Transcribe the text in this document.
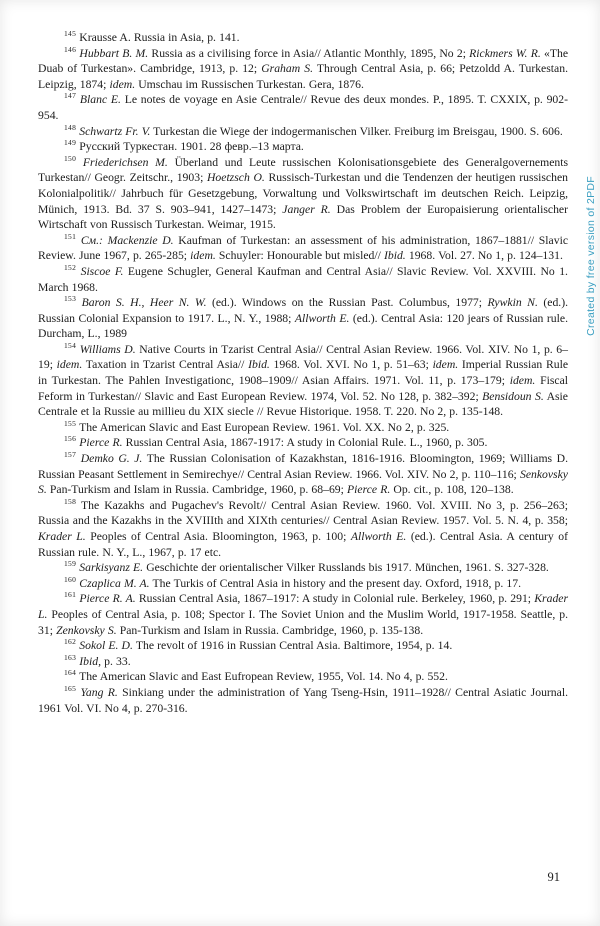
$^{145}$ Krausse A. Russia in Asia, p. 141.

$^{146}$ Hubbart B. M. Russia as a civilising force in Asia// Atlantic Monthly, 1895, No 2; Rickmers W. R. «The Duab of Turkestan». Cambridge, 1913, p. 12; Graham S. Through Central Asia, p. 66; Petzoldd A. Turkestan. Leipzig, 1874; idem. Umschau im Russischen Turkestan. Gera, 1876.

$^{147}$ Blanc E. Le notes de voyage en Asie Centrale// Revue des deux mondes. P., 1895. T. CXXIX, p. 902-954.

$^{148}$ Schwartz Fr. V. Turkestan die Wiege der indogermanischen Vilker. Freiburg im Breisgau, 1900. S. 606.

$^{149}$ Русский Туркестан. 1901. 28 февр.–13 марта.

$^{150}$ Friederichsen M. Überland und Leute russischen Kolonisationsgebiete des Generalgovernements Turkestan// Geogr. Zeitschr., 1903; Hoetzsch O. Russisch-Turkestan und die Tendenzen der heutigen russischen Kolonialpolitik// Jahrbuch für Gesetzgebung, Vorwaltung und Volkswirtschaft im deutschen Reich. Leipzig, Münich, 1913. Bd. 37 S. 903–941, 1427–1473; Janger R. Das Problem der Europaisierung orientalischer Wirtschaft von Russisch Turkestan. Weimar, 1915.

$^{151}$ См.: Mackenzie D. Kaufman of Turkestan: an assessment of his administration, 1867–1881// Slavic Review. June 1967, p. 265-285; idem. Schuyler: Honourable but misled// Ibid. 1968. Vol. 27. No 1, p. 124–131.

$^{152}$ Siscoe F. Eugene Schugler, General Kaufman and Central Asia// Slavic Review. Vol. XXVIII. No 1. March 1968.

$^{153}$ Baron S. H., Heer N. W. (ed.). Windows on the Russian Past. Columbus, 1977; Rywkin N. (ed.). Russian Colonial Expansion to 1917. L., N. Y., 1988; Allworth E. (ed.). Central Asia: 120 jears of Russian rule. Durcham, L., 1989

$^{154}$ Williams D. Native Courts in Tzarist Central Asia// Central Asian Review. 1966. Vol. XIV. No 1, p. 6–19; idem. Taxation in Tzarist Central Asia// Ibid. 1968. Vol. XVI. No 1, p. 51–63; idem. Imperial Russian Rule in Turkestan. The Pahlen Investigationc, 1908–1909// Asian Affairs. 1971. Vol. 11, p. 173–179; idem. Fiscal Feform in Turkestan// Slavic and East European Review. 1974, Vol. 52. No 128, p. 382–392; Bensidoun S. Asie Centrale et la Russie au millieu du XIX siecle // Revue Historique. 1958. T. 220. No 2, p. 135-148.

$^{155}$ The American Slavic and East European Review. 1961. Vol. XX. No 2, p. 325.

$^{156}$ Pierce R. Russian Central Asia, 1867-1917: A study in Colonial Rule. L., 1960, p. 305.

$^{157}$ Demko G. J. The Russian Colonisation of Kazakhstan, 1816-1916. Bloomington, 1969; Williams D. Russian Peasant Settlement in Semirechye// Central Asian Review. 1966. Vol. XIV. No 2, p. 110–116; Senkovsky S. Pan-Turkism and Islam in Russia. Cambridge, 1960, p. 68–69; Pierce R. Op. cit., p. 108, 120–138.

$^{158}$ The Kazakhs and Pugachev's Revolt// Central Asian Review. 1960. Vol. XVIII. No 3, p. 256–263; Russia and the Kazakhs in the XVIIIth and XIXth centuries// Central Asian Review. 1957. Vol. 5. N. 4, p. 358; Krader L. Peoples of Central Asia. Bloomington, 1963, p. 100; Allworth E. (ed.). Central Asia. A century of Russian rule. N. Y., L., 1967, p. 17 etc.

$^{159}$ Sarkisyanz E. Geschichte der orientalischer Vilker Russlands bis 1917. München, 1961. S. 327-328.

$^{160}$ Czaplica M. A. The Turkis of Central Asia in history and the present day. Oxford, 1918, p. 17.

$^{161}$ Pierce R. A. Russian Central Asia, 1867–1917: A study in Colonial rule. Berkeley, 1960, p. 291; Krader L. Peoples of Central Asia, p. 108; Spector I. The Soviet Union and the Muslim World, 1917-1958. Seattle, p. 31; Zenkovsky S. Pan-Turkism and Islam in Russia. Cambridge, 1960, p. 135-138.

$^{162}$ Sokol E. D. The revolt of 1916 in Russian Central Asia. Baltimore, 1954, p. 14.

$^{163}$ Ibid, p. 33.

$^{164}$ The American Slavic and East Eufropean Review, 1955, Vol. 14. No 4, p. 552.

$^{165}$ Yang R. Sinkiang under the administration of Yang Tseng-Hsin, 1911–1928// Central Asiatic Journal. 1961 Vol. VI. No 4, p. 270-316.

Created by free version of 2PDF
91
